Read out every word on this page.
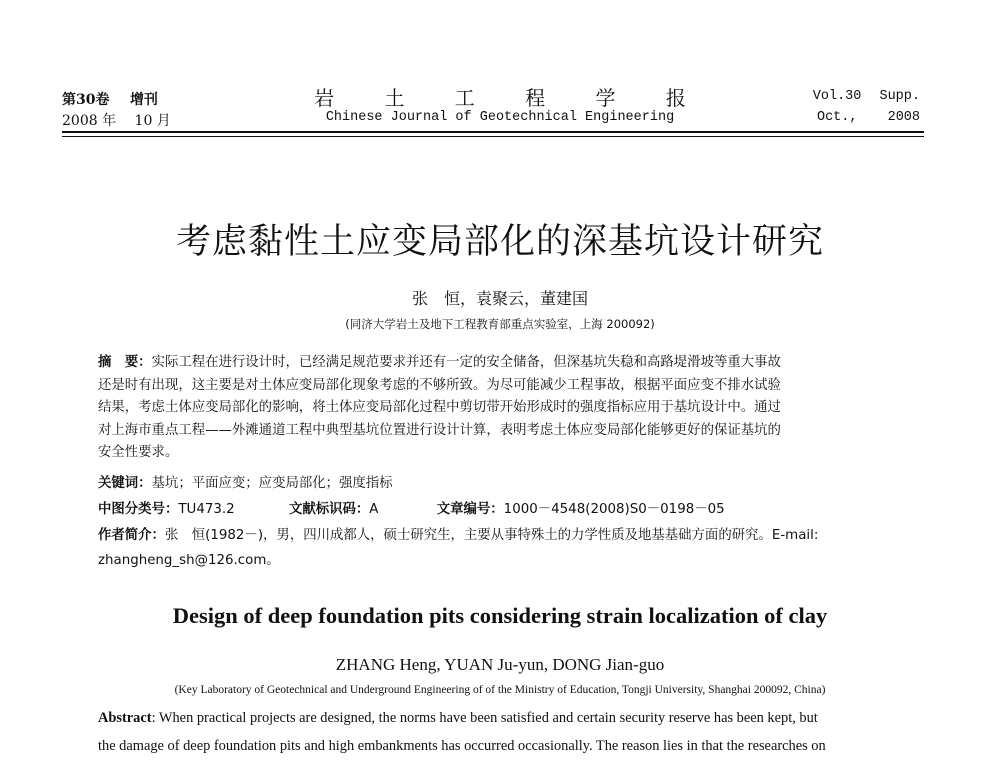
第30卷 增刊
2008 年 10 月
岩 土 工 程 学 报
Chinese Journal of Geotechnical Engineering
Vol.30 Supp.
Oct., 2008
考虑黏性土应变局部化的深基坑设计研究
张　恒，袁聚云，董建国
(同济大学岩土及地下工程教育部重点实验室，上海 200092)
摘　要：实际工程在进行设计时，已经满足规范要求并还有一定的安全储备，但深基坑失稳和高路堤滑坡等重大事故
还是时有出现，这主要是对土体应变局部化现象考虑的不够所致。为尽可能减少工程事故，根据平面应变不排水试验
结果，考虑土体应变局部化的影响，将土体应变局部化过程中剪切带开始形成时的强度指标应用于基坑设计中。通过
对上海市重点工程——外滩通道工程中典型基坑位置进行设计计算，表明考虑土体应变局部化能够更好的保证基坑的
安全性要求。
关键词：基坑；平面应变；应变局部化；强度指标
中图分类号：TU473.2	文献标识码：A	文章编号：1000－4548(2008)S0－0198－05
作者简介：张　恒(1982－)，男，四川成都人，硕士研究生，主要从事特殊土的力学性质及地基基础方面的研究。E-mail:
zhangheng_sh@126.com。
Design of deep foundation pits considering strain localization of clay
ZHANG Heng, YUAN Ju-yun, DONG Jian-guo
(Key Laboratory of Geotechnical and Underground Engineering of of the Ministry of Education, Tongji University, Shanghai 200092, China)
Abstract: When practical projects are designed, the norms have been satisfied and certain security reserve has been kept, but
the damage of deep foundation pits and high embankments has occurred occasionally. The reason lies in that the researches on
